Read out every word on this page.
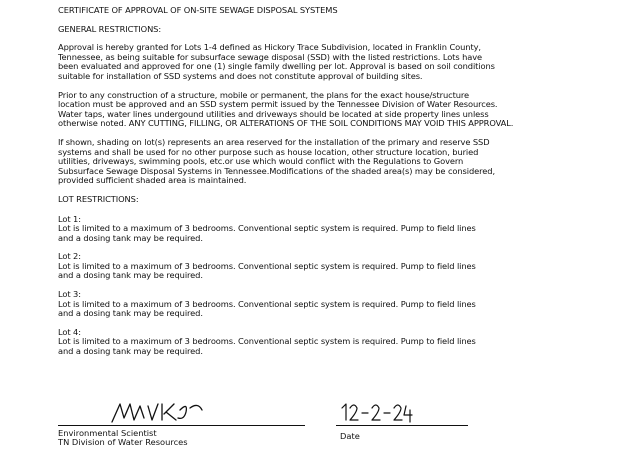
CERTIFICATE OF APPROVAL OF ON-SITE SEWAGE DISPOSAL SYSTEMS

GENERAL RESTRICTIONS:

Approval is hereby granted for Lots 1-4 defined as Hickory Trace Subdivision, located in Franklin County,

Tennessee, as being suitable for subsurface sewage disposal (SSD) with the listed restrictions. Lots have

been evaluated and approved for one (1) single family dwelling per lot. Approval is based on soil conditions

suitable for installation of SSD systems and does not constitute approval of building sites.

Prior to any construction of a structure, mobile or permanent, the plans for the exact house/structure

location must be approved and an SSD system permit issued by the Tennessee Division of Water Resources.

Water taps, water lines undergound utilities and driveways should be located at side property lines unless

otherwise noted. ANY CUTTING, FILLING, OR ALTERATIONS OF THE SOIL CONDITIONS MAY VOID THIS APPROVAL.

If shown, shading on lot(s) represents an area reserved for the installation of the primary and reserve SSD

systems and shall be used for no other purpose such as house location, other structure location, buried

utilities, driveways, swimming pools, etc.or use which would conflict with the Regulations to Govern

Subsurface Sewage Disposal Systems in Tennessee.Modifications of the shaded area(s) may be considered,

provided sufficient shaded area is maintained.

LOT RESTRICTIONS:

Lot 1:

Lot is limited to a maximum of 3 bedrooms. Conventional septic system is required. Pump to field lines

and a dosing tank may be required.

Lot 2:

Lot is limited to a maximum of 3 bedrooms. Conventional septic system is required. Pump to field lines

and a dosing tank may be required.

Lot 3:

Lot is limited to a maximum of 3 bedrooms. Conventional septic system is required. Pump to field lines

and a dosing tank may be required.

Lot 4:

Lot is limited to a maximum of 3 bedrooms. Conventional septic system is required. Pump to field lines

and a dosing tank may be required.

Environmental Scientist
TN Division of Water Resources
Date
